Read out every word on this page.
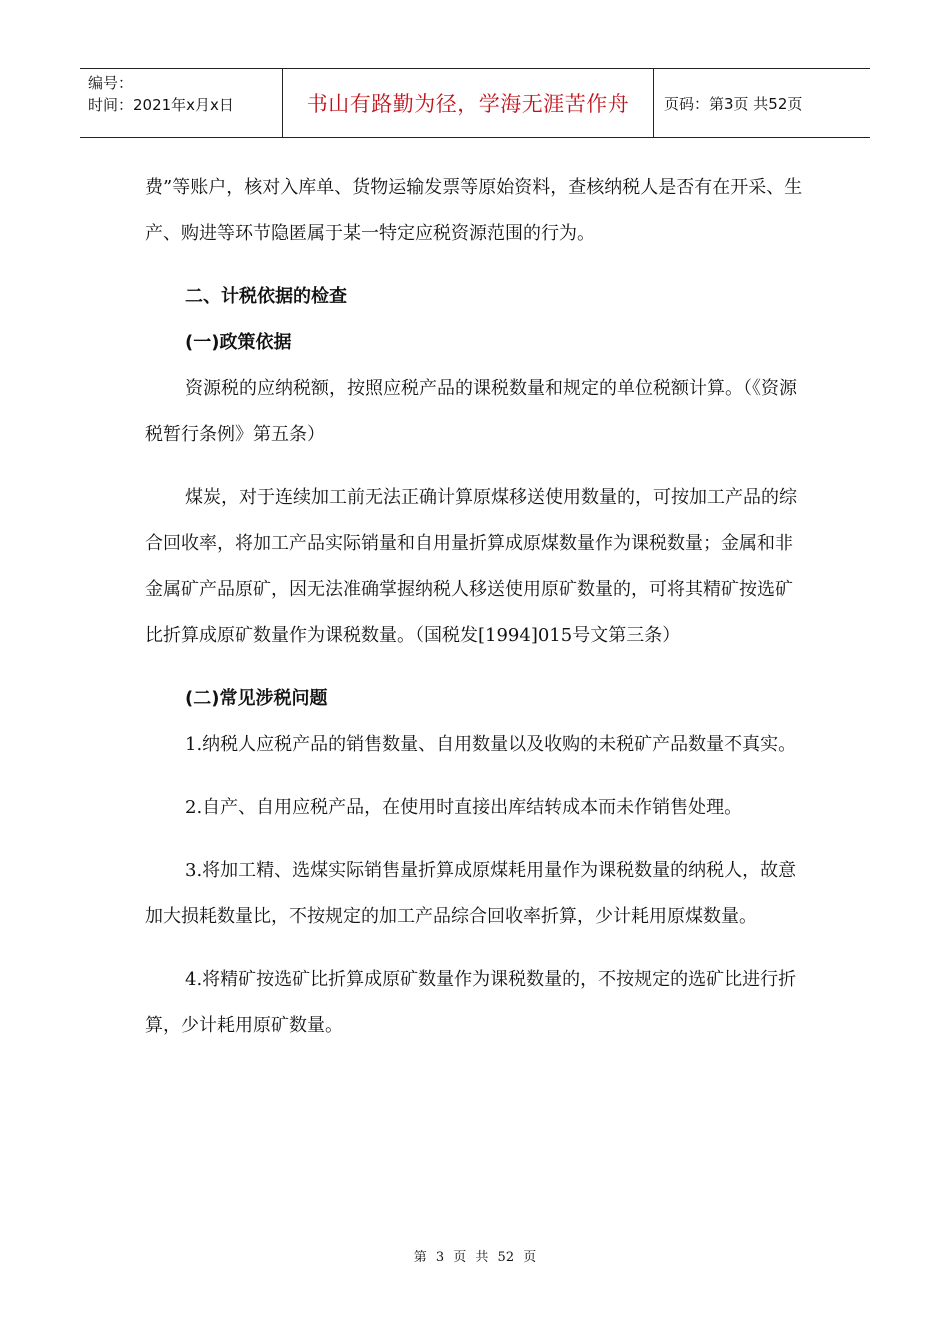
编号：
时间：2021年x月x日	书山有路勤为径，学海无涯苦作舟	页码：第3页 共52页

费”等账户，核对入库单、货物运输发票等原始资料，查核纳税人是否有在开采、生产、购进等环节隐匿属于某一特定应税资源范围的行为。

二、计税依据的检查

(一)政策依据

资源税的应纳税额，按照应税产品的课税数量和规定的单位税额计算。（《资源税暂行条例》第五条）

煤炭，对于连续加工前无法正确计算原煤移送使用数量的，可按加工产品的综合回收率，将加工产品实际销量和自用量折算成原煤数量作为课税数量；金属和非金属矿产品原矿，因无法准确掌握纳税人移送使用原矿数量的，可将其精矿按选矿比折算成原矿数量作为课税数量。（国税发[1994]015号文第三条）

(二)常见涉税问题

1.纳税人应税产品的销售数量、自用数量以及收购的未税矿产品数量不真实。

2.自产、自用应税产品，在使用时直接出库结转成本而未作销售处理。

3.将加工精、选煤实际销售量折算成原煤耗用量作为课税数量的纳税人，故意加大损耗数量比，不按规定的加工产品综合回收率折算，少计耗用原煤数量。

4.将精矿按选矿比折算成原矿数量作为课税数量的，不按规定的选矿比进行折算，少计耗用原矿数量。

第 3 页 共 52 页
